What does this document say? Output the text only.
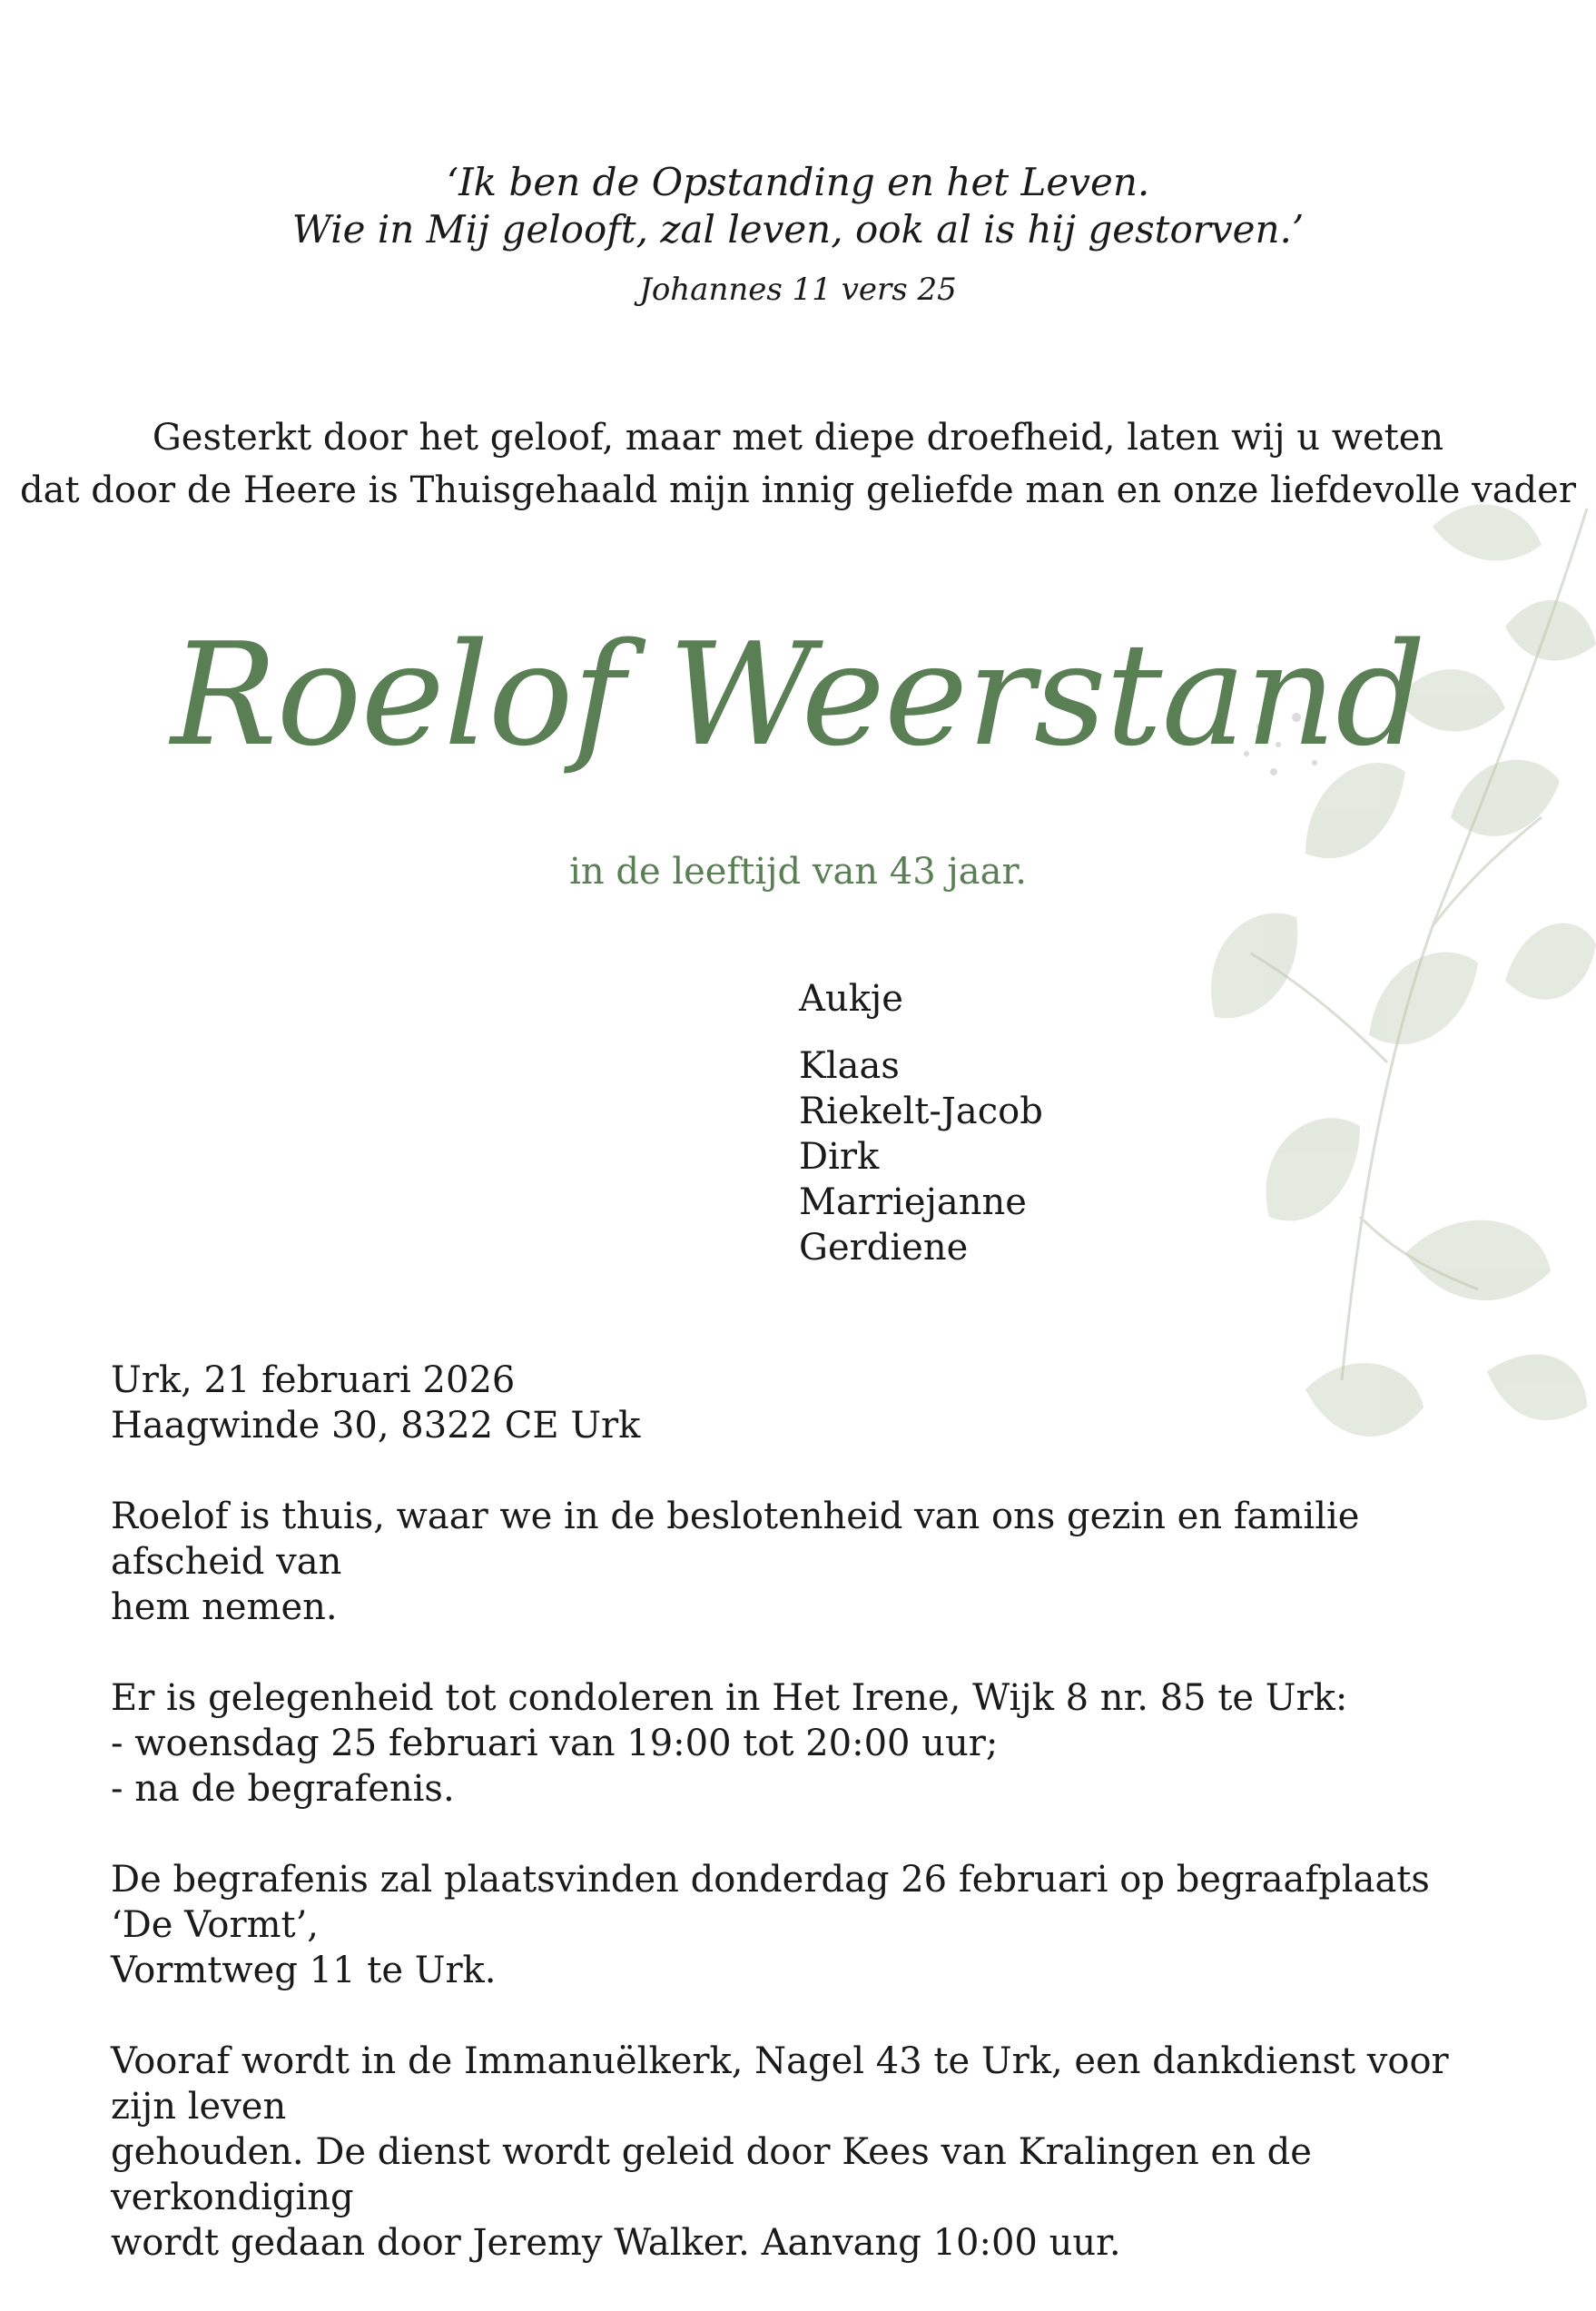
‘Ik ben de Opstanding en het Leven.
Wie in Mij gelooft, zal leven, ook al is hij gestorven.’
Johannes 11 vers 25
Gesterkt door het geloof, maar met diepe droefheid, laten wij u weten
dat door de Heere is Thuisgehaald mijn innig geliefde man en onze liefdevolle vader
Roelof Weerstand
in de leeftijd van 43 jaar.
Aukje
Klaas
Riekelt-Jacob
Dirk
Marriejanne
Gerdiene

Urk, 21 februari 2026
Haagwinde 30, 8322 CE Urk

Roelof is thuis, waar we in de beslotenheid van ons gezin en familie afscheid van
hem nemen.

Er is gelegenheid tot condoleren in Het Irene, Wijk 8 nr. 85 te Urk:
- woensdag 25 februari van 19:00 tot 20:00 uur;
- na de begrafenis.

De begrafenis zal plaatsvinden donderdag 26 februari op begraafplaats ‘De Vormt’,
Vormtweg 11 te Urk.

Vooraf wordt in de Immanuëlkerk, Nagel 43 te Urk, een dankdienst voor zijn leven
gehouden. De dienst wordt geleid door Kees van Kralingen en de verkondiging
wordt gedaan door Jeremy Walker. Aanvang 10:00 uur.
